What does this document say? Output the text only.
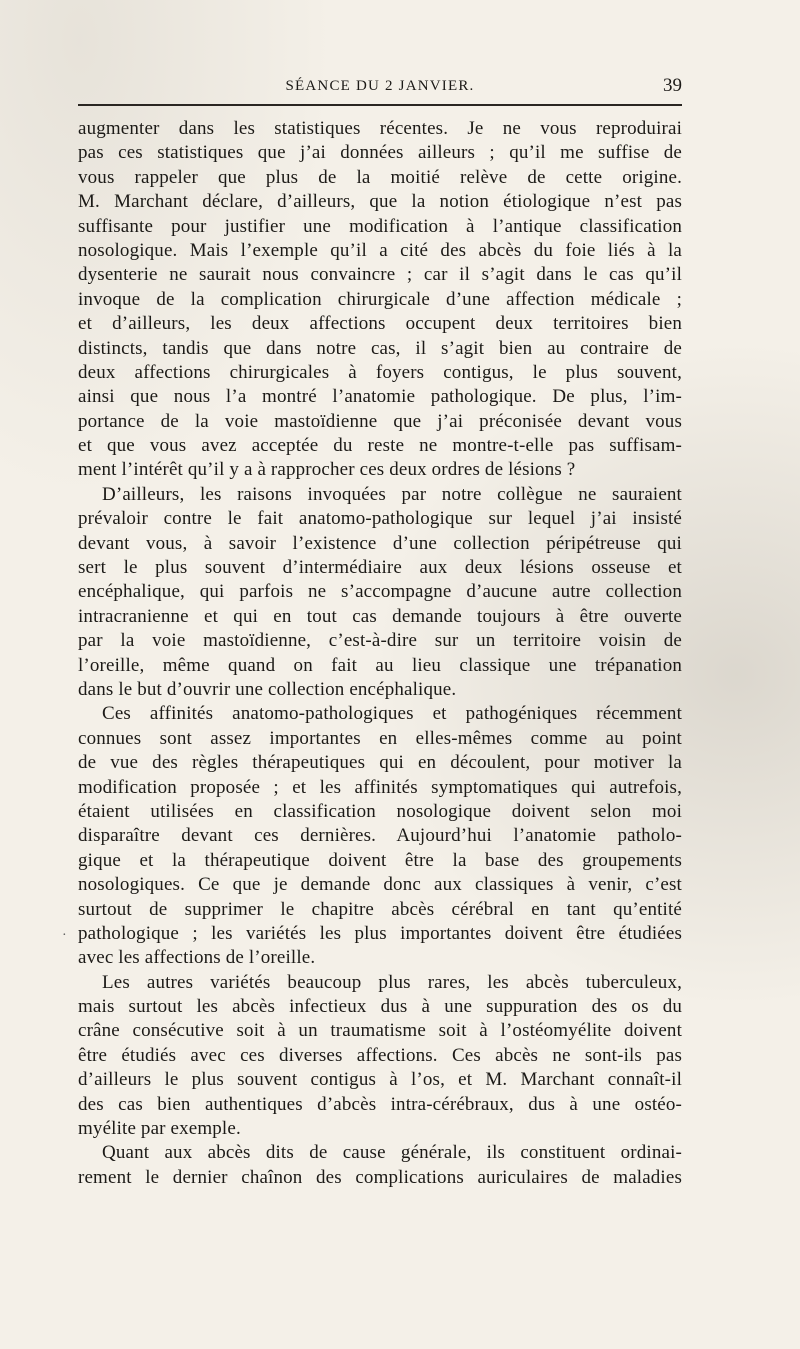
SÉANCE DU 2 JANVIER.	39
augmenter dans les statistiques récentes. Je ne vous reproduirai
pas ces statistiques que j’ai données ailleurs ; qu’il me suffise de
vous rappeler que plus de la moitié relève de cette origine.
M. Marchant déclare, d’ailleurs, que la notion étiologique n’est pas
suffisante pour justifier une modification à l’antique classification
nosologique. Mais l’exemple qu’il a cité des abcès du foie liés à la
dysenterie ne saurait nous convaincre ; car il s’agit dans le cas qu’il
invoque de la complication chirurgicale d’une affection médicale ;
et d’ailleurs, les deux affections occupent deux territoires bien
distincts, tandis que dans notre cas, il s’agit bien au contraire de
deux affections chirurgicales à foyers contigus, le plus souvent,
ainsi que nous l’a montré l’anatomie pathologique. De plus, l’im-
portance de la voie mastoïdienne que j’ai préconisée devant vous
et que vous avez acceptée du reste ne montre-t-elle pas suffisam-
ment l’intérêt qu’il y a à rapprocher ces deux ordres de lésions ?
D’ailleurs, les raisons invoquées par notre collègue ne sauraient
prévaloir contre le fait anatomo-pathologique sur lequel j’ai insisté
devant vous, à savoir l’existence d’une collection péripétreuse qui
sert le plus souvent d’intermédiaire aux deux lésions osseuse et
encéphalique, qui parfois ne s’accompagne d’aucune autre collection
intracranienne et qui en tout cas demande toujours à être ouverte
par la voie mastoïdienne, c’est-à-dire sur un territoire voisin de
l’oreille, même quand on fait au lieu classique une trépanation
dans le but d’ouvrir une collection encéphalique.
Ces affinités anatomo-pathologiques et pathogéniques récemment
connues sont assez importantes en elles-mêmes comme au point
de vue des règles thérapeutiques qui en découlent, pour motiver la
modification proposée ; et les affinités symptomatiques qui autrefois,
étaient utilisées en classification nosologique doivent selon moi
disparaître devant ces dernières. Aujourd’hui l’anatomie patholo-
gique et la thérapeutique doivent être la base des groupements
nosologiques. Ce que je demande donc aux classiques à venir, c’est
surtout de supprimer le chapitre abcès cérébral en tant qu’entité
pathologique ; les variétés les plus importantes doivent être étudiées
avec les affections de l’oreille.
Les autres variétés beaucoup plus rares, les abcès tuberculeux,
mais surtout les abcès infectieux dus à une suppuration des os du
crâne consécutive soit à un traumatisme soit à l’ostéomyélite doivent
être étudiés avec ces diverses affections. Ces abcès ne sont-ils pas
d’ailleurs le plus souvent contigus à l’os, et M. Marchant connaît-il
des cas bien authentiques d’abcès intra-cérébraux, dus à une ostéo-
myélite par exemple.
Quant aux abcès dits de cause générale, ils constituent ordinai-
rement le dernier chaînon des complications auriculaires de maladies
·
